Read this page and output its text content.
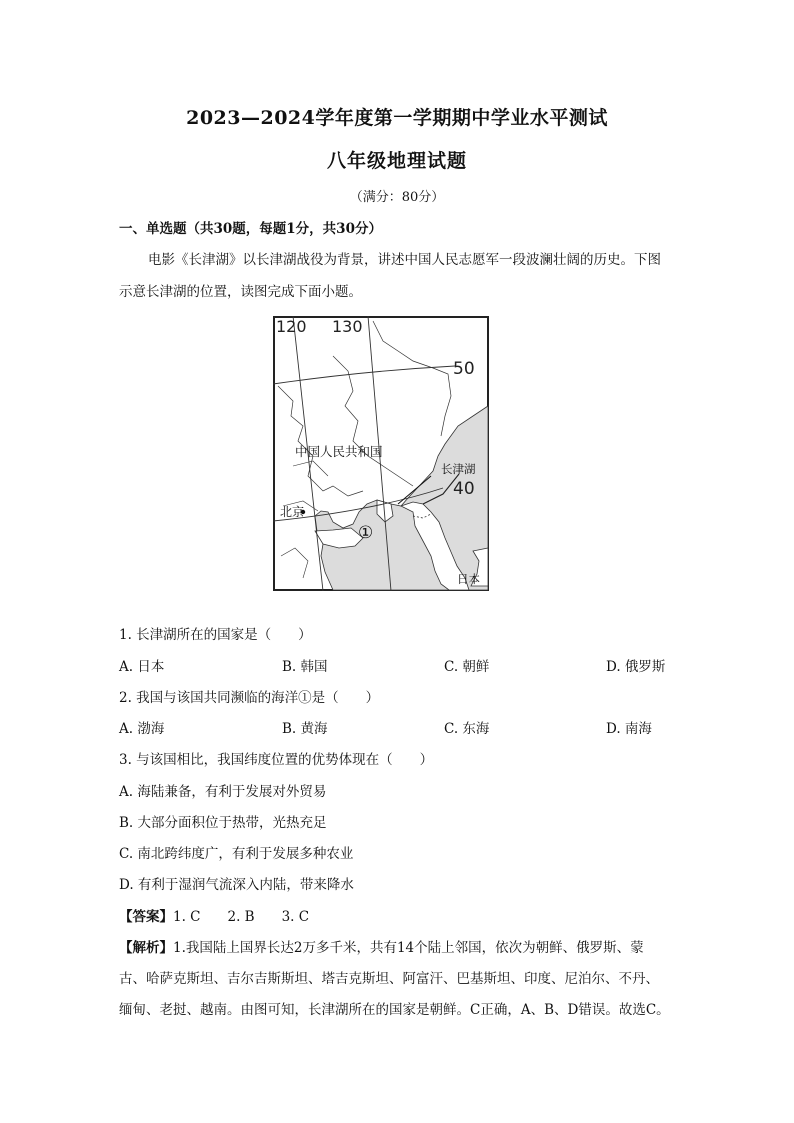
2023—2024学年度第一学期期中学业水平测试
八年级地理试题
（满分：80分）
一、单选题（共30题，每题1分，共30分）
电影《长津湖》以长津湖战役为背景，讲述中国人民志愿军一段波澜壮阔的历史。下图
示意长津湖的位置，读图完成下面小题。
120 130
50
40
中国人民共和国
长津湖
北京
①
日本
1. 长津湖所在的国家是（　　）
A. 日本	B. 韩国	C. 朝鲜	D. 俄罗斯
2. 我国与该国共同濒临的海洋①是（　　）
A. 渤海	B. 黄海	C. 东海	D. 南海
3. 与该国相比，我国纬度位置的优势体现在（　　）
A. 海陆兼备，有利于发展对外贸易
B. 大部分面积位于热带，光热充足
C. 南北跨纬度广，有利于发展多种农业
D. 有利于湿润气流深入内陆，带来降水
【答案】1. C　　2. B　　3. C
【解析】1.我国陆上国界长达2万多千米，共有14个陆上邻国，依次为朝鲜、俄罗斯、蒙
古、哈萨克斯坦、吉尔吉斯斯坦、塔吉克斯坦、阿富汗、巴基斯坦、印度、尼泊尔、不丹、
缅甸、老挝、越南。由图可知，长津湖所在的国家是朝鲜。C正确，A、B、D错误。故选C。
